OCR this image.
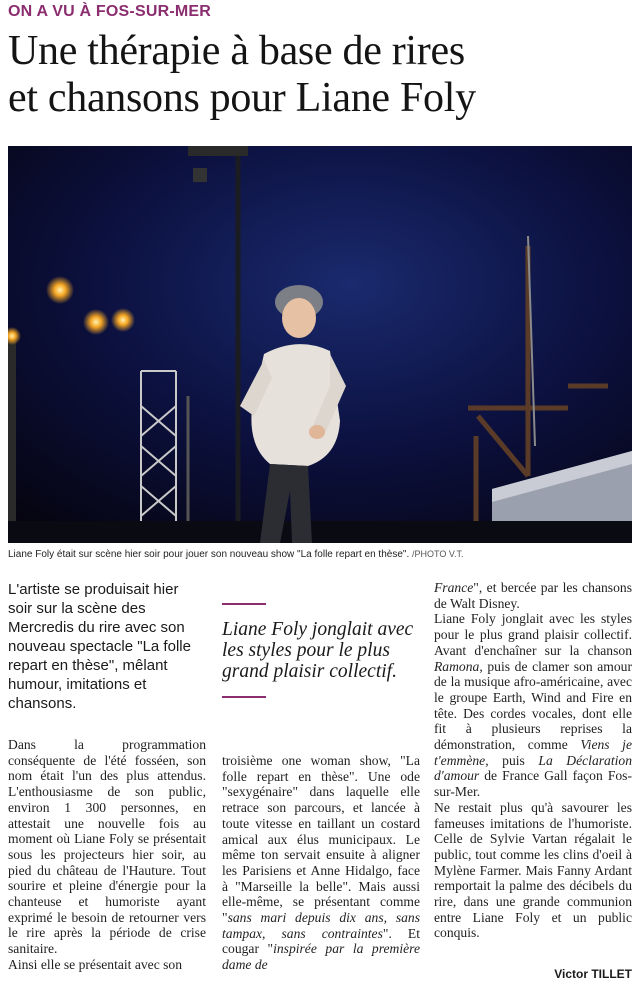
ON A VU À FOS-SUR-MER
Une thérapie à base de rires
et chansons pour Liane Foly
Liane Foly était sur scène hier soir pour jouer son nouveau show "La folle repart en thèse". /PHOTO V.T.
L'artiste se produisait hier soir sur la scène des Mercredis du rire avec son nouveau spectacle "La folle repart en thèse", mêlant humour, imitations et chansons.
Liane Foly jonglait avec les styles pour le plus grand plaisir collectif.

Dans la programmation conséquente de l'été fosséen, son nom était l'un des plus attendus. L'enthousiasme de son public, environ 1 300 personnes, en attestait une nouvelle fois au moment où Liane Foly se présentait sous les projecteurs hier soir, au pied du château de l'Hauture. Tout sourire et pleine d'énergie pour la chanteuse et humoriste ayant exprimé le besoin de retourner vers le rire après la période de crise sanitaire.

Ainsi elle se présentait avec son

troisième one woman show, "La folle repart en thèse". Une ode "sexygénaire" dans laquelle elle retrace son parcours, et lancée à toute vitesse en taillant un costard amical aux élus municipaux. Le même ton servait ensuite à aligner les Parisiens et Anne Hidalgo, face à "Marseille la belle". Mais aussi elle-même, se présentant comme "sans mari depuis dix ans, sans tampax, sans contraintes". Et cougar "inspirée par la première dame de

France", et bercée par les chansons de Walt Disney.

Liane Foly jonglait avec les styles pour le plus grand plaisir collectif. Avant d'enchaîner sur la chanson Ramona, puis de clamer son amour de la musique afro-américaine, avec le groupe Earth, Wind and Fire en tête. Des cordes vocales, dont elle fit à plusieurs reprises la démonstration, comme Viens je t'emmène, puis La Déclaration d'amour de France Gall façon Fos-sur-Mer.

Ne restait plus qu'à savourer les fameuses imitations de l'humoriste. Celle de Sylvie Vartan régalait le public, tout comme les clins d'oeil à Mylène Farmer. Mais Fanny Ardant remportait la palme des décibels du rire, dans une grande communion entre Liane Foly et un public conquis.

Victor TILLET
